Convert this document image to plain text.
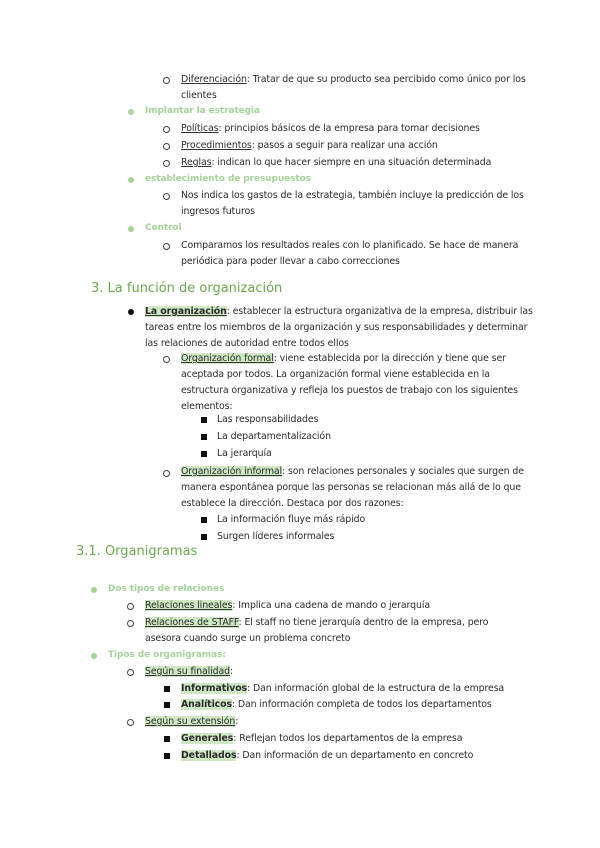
Diferenciación: Tratar de que su producto sea percibido como único por los
clientes
Implantar la estrategia
Políticas: principios básicos de la empresa para tomar decisiones
Procedimientos: pasos a seguir para realizar una acción
Reglas: indican lo que hacer siempre en una situación determinada
establecimiento de presupuestos
Nos indica los gastos de la estrategia, también incluye la predicción de los
ingresos futuros
Control
Comparamos los resultados reales con lo planificado. Se hace de manera
periódica para poder llevar a cabo correcciones
3. La función de organización
La organización: establecer la estructura organizativa de la empresa, distribuir las
tareas entre los miembros de la organización y sus responsabilidades y determinar
las relaciones de autoridad entre todos ellos
Organización formal: viene establecida por la dirección y tiene que ser
aceptada por todos. La organización formal viene establecida en la
estructura organizativa y refleja los puestos de trabajo con los siguientes
elementos:
Las responsabilidades
La departamentalización
La jerarquía
Organización informal: son relaciones personales y sociales que surgen de
manera espontánea porque las personas se relacionan más allá de lo que
establece la dirección. Destaca por dos razones:
La información fluye más rápido
Surgen líderes informales
3.1. Organigramas
Dos tipos de relaciones
Relaciones lineales: Implica una cadena de mando o jerarquía
Relaciones de STAFF: El staff no tiene jerarquía dentro de la empresa, pero
asesora cuando surge un problema concreto
Tipos de organigramas:
Según su finalidad:
Informativos: Dan información global de la estructura de la empresa
Analíticos: Dan información completa de todos los departamentos
Según su extensión:
Generales: Reflejan todos los departamentos de la empresa
Detallados: Dan información de un departamento en concreto
